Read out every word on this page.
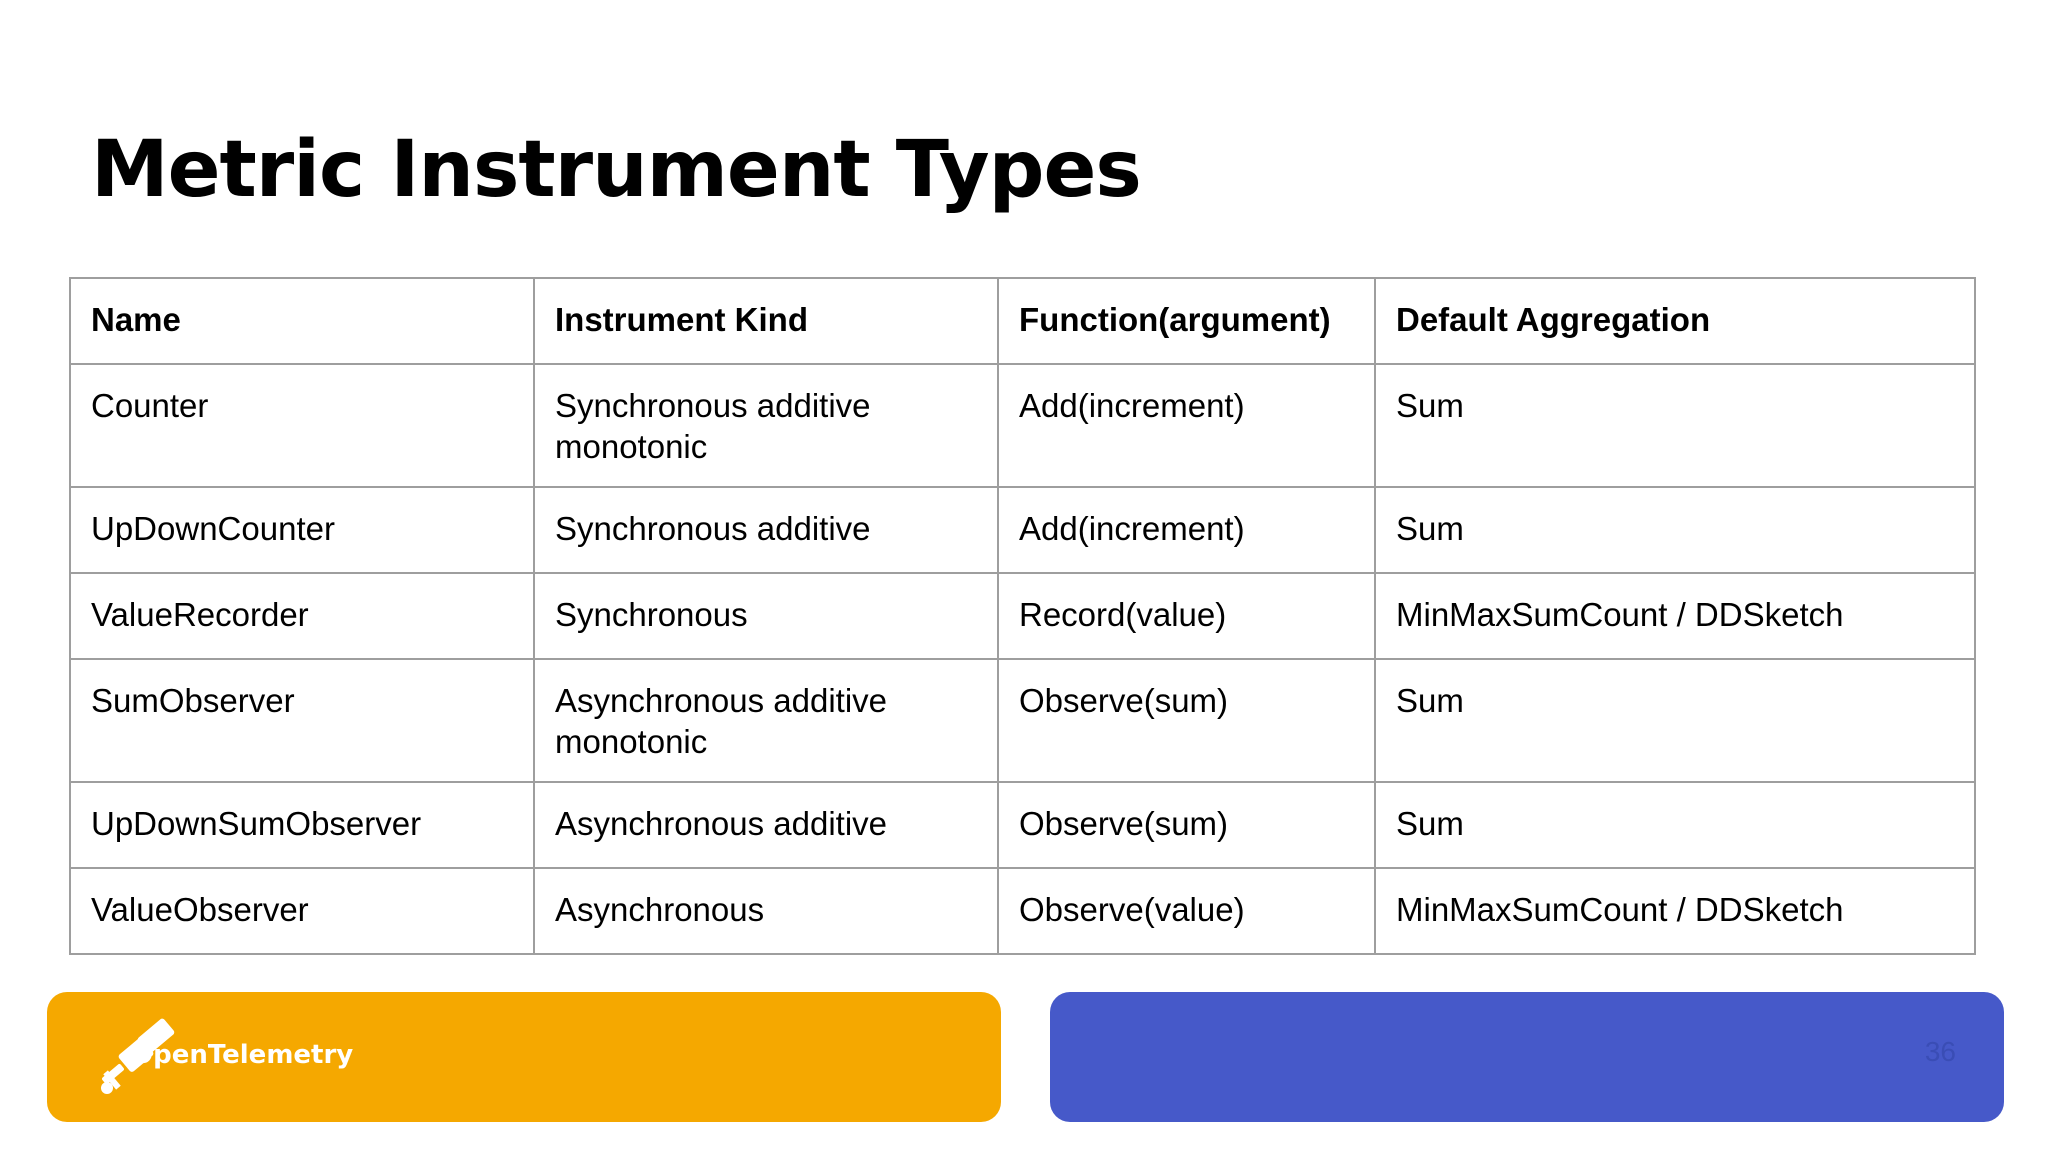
Metric Instrument Types
Name	Instrument Kind	Function(argument)	Default Aggregation
Counter	Synchronous additive monotonic	Add(increment)	Sum
UpDownCounter	Synchronous additive	Add(increment)	Sum
ValueRecorder	Synchronous	Record(value)	MinMaxSumCount / DDSketch
SumObserver	Asynchronous additive monotonic	Observe(sum)	Sum
UpDownSumObserver	Asynchronous additive	Observe(sum)	Sum
ValueObserver	Asynchronous	Observe(value)	MinMaxSumCount / DDSketch
OpenTelemetry	36
